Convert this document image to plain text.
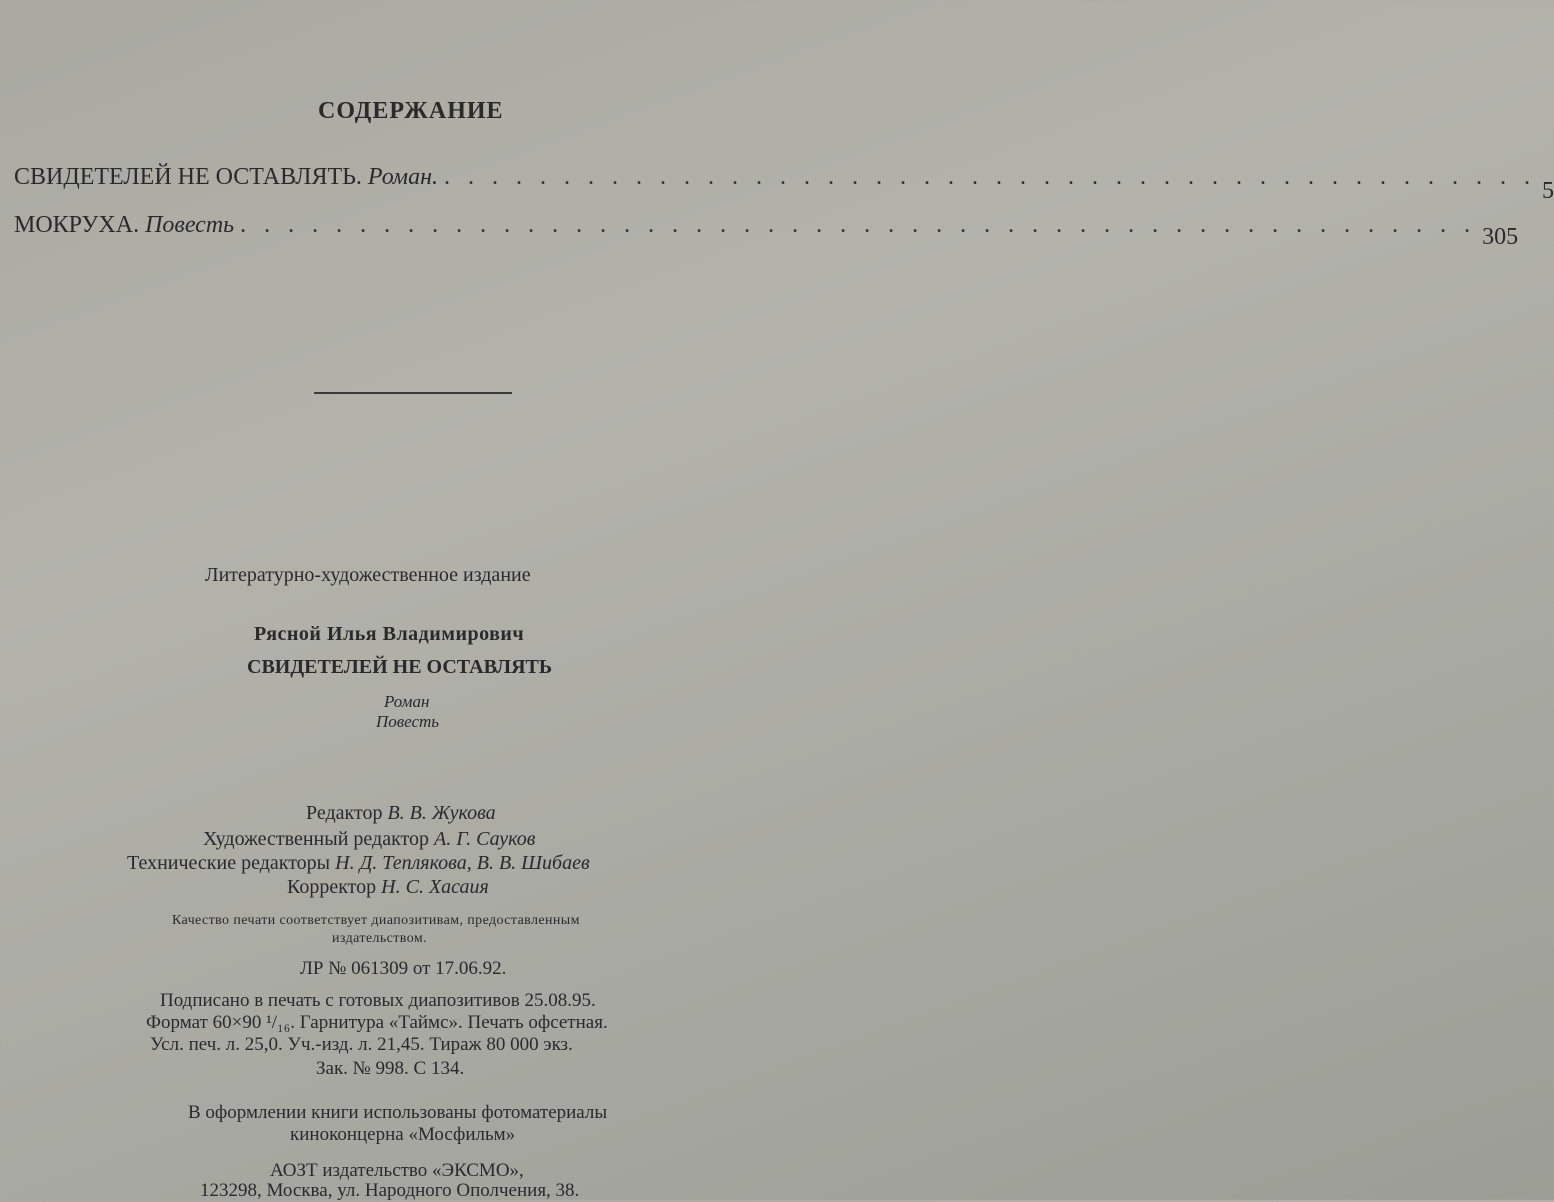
СОДЕРЖАНИЕ
СВИДЕТЕЛЕЙ НЕ ОСТАВЛЯТЬ. Роман. . . . . . . . . . . . . . . . . . . . . . . . . . . . . . . . . . . . . . . . . . . . . . .
5
МОКРУХА. Повесть . . . . . . . . . . . . . . . . . . . . . . . . . . . . . . . . . . . . . . . . . . . . . . . . . . . . 305
Литературно-художественное издание
Рясной Илья Владимирович
СВИДЕТЕЛЕЙ НЕ ОСТАВЛЯТЬ
Роман
Повесть
Редактор В. В. Жукова
Художественный редактор А. Г. Сауков
Технические редакторы Н. Д. Теплякова, В. В. Шибаев
Корректор Н. С. Хасаия
Качество печати соответствует диапозитивам, предоставленным
издательством.
ЛР № 061309 от 17.06.92.
Подписано в печать с готовых диапозитивов 25.08.95.
Формат 60×90 ¹/₁₆. Гарнитура «Таймс». Печать офсетная.
Усл. печ. л. 25,0. Уч.-изд. л. 21,45. Тираж 80 000 экз.
Зак. № 998. С 134.
В оформлении книги использованы фотоматериалы
киноконцерна «Мосфильм»
АОЗТ издательство «ЭКСМО»,
123298, Москва, ул. Народного Ополчения, 38.
